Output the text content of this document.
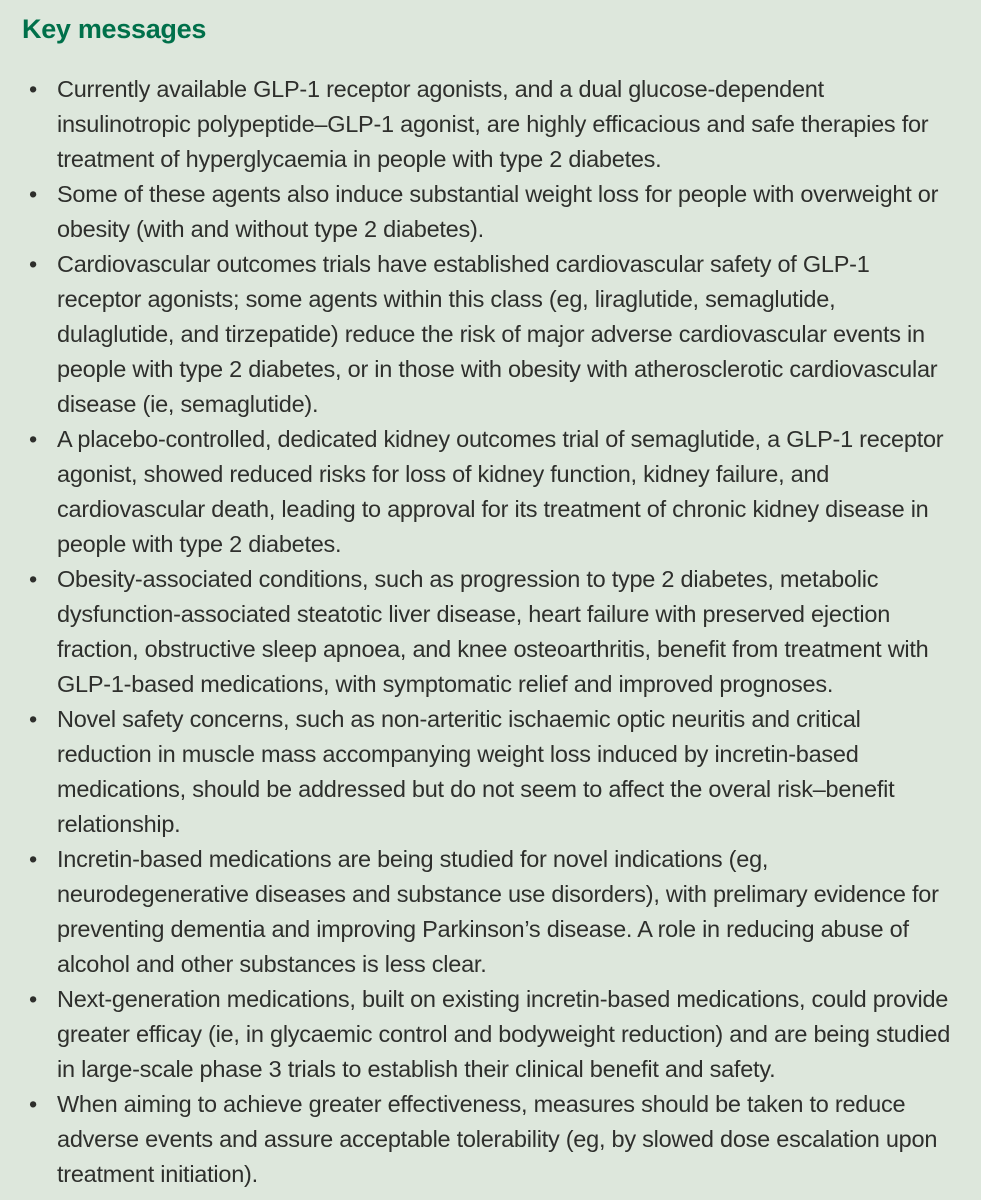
Key messages
• Currently available GLP-1 receptor agonists, and a dual glucose-dependent insulinotropic polypeptide–GLP-1 agonist, are highly efficacious and safe therapies for treatment of hyperglycaemia in people with type 2 diabetes.
• Some of these agents also induce substantial weight loss for people with overweight or obesity (with and without type 2 diabetes).
• Cardiovascular outcomes trials have established cardiovascular safety of GLP-1 receptor agonists; some agents within this class (eg, liraglutide, semaglutide, dulaglutide, and tirzepatide) reduce the risk of major adverse cardiovascular events in people with type 2 diabetes, or in those with obesity with atherosclerotic cardiovascular disease (ie, semaglutide).
• A placebo-controlled, dedicated kidney outcomes trial of semaglutide, a GLP-1 receptor agonist, showed reduced risks for loss of kidney function, kidney failure, and cardiovascular death, leading to approval for its treatment of chronic kidney disease in people with type 2 diabetes.
• Obesity-associated conditions, such as progression to type 2 diabetes, metabolic dysfunction-associated steatotic liver disease, heart failure with preserved ejection fraction, obstructive sleep apnoea, and knee osteoarthritis, benefit from treatment with GLP-1-based medications, with symptomatic relief and improved prognoses.
• Novel safety concerns, such as non-arteritic ischaemic optic neuritis and critical reduction in muscle mass accompanying weight loss induced by incretin-based medications, should be addressed but do not seem to affect the overal risk–benefit relationship.
• Incretin-based medications are being studied for novel indications (eg, neurodegenerative diseases and substance use disorders), with prelimary evidence for preventing dementia and improving Parkinson’s disease. A role in reducing abuse of alcohol and other substances is less clear.
• Next-generation medications, built on existing incretin-based medications, could provide greater efficay (ie, in glycaemic control and bodyweight reduction) and are being studied in large-scale phase 3 trials to establish their clinical benefit and safety.
• When aiming to achieve greater effectiveness, measures should be taken to reduce adverse events and assure acceptable tolerability (eg, by slowed dose escalation upon treatment initiation).
